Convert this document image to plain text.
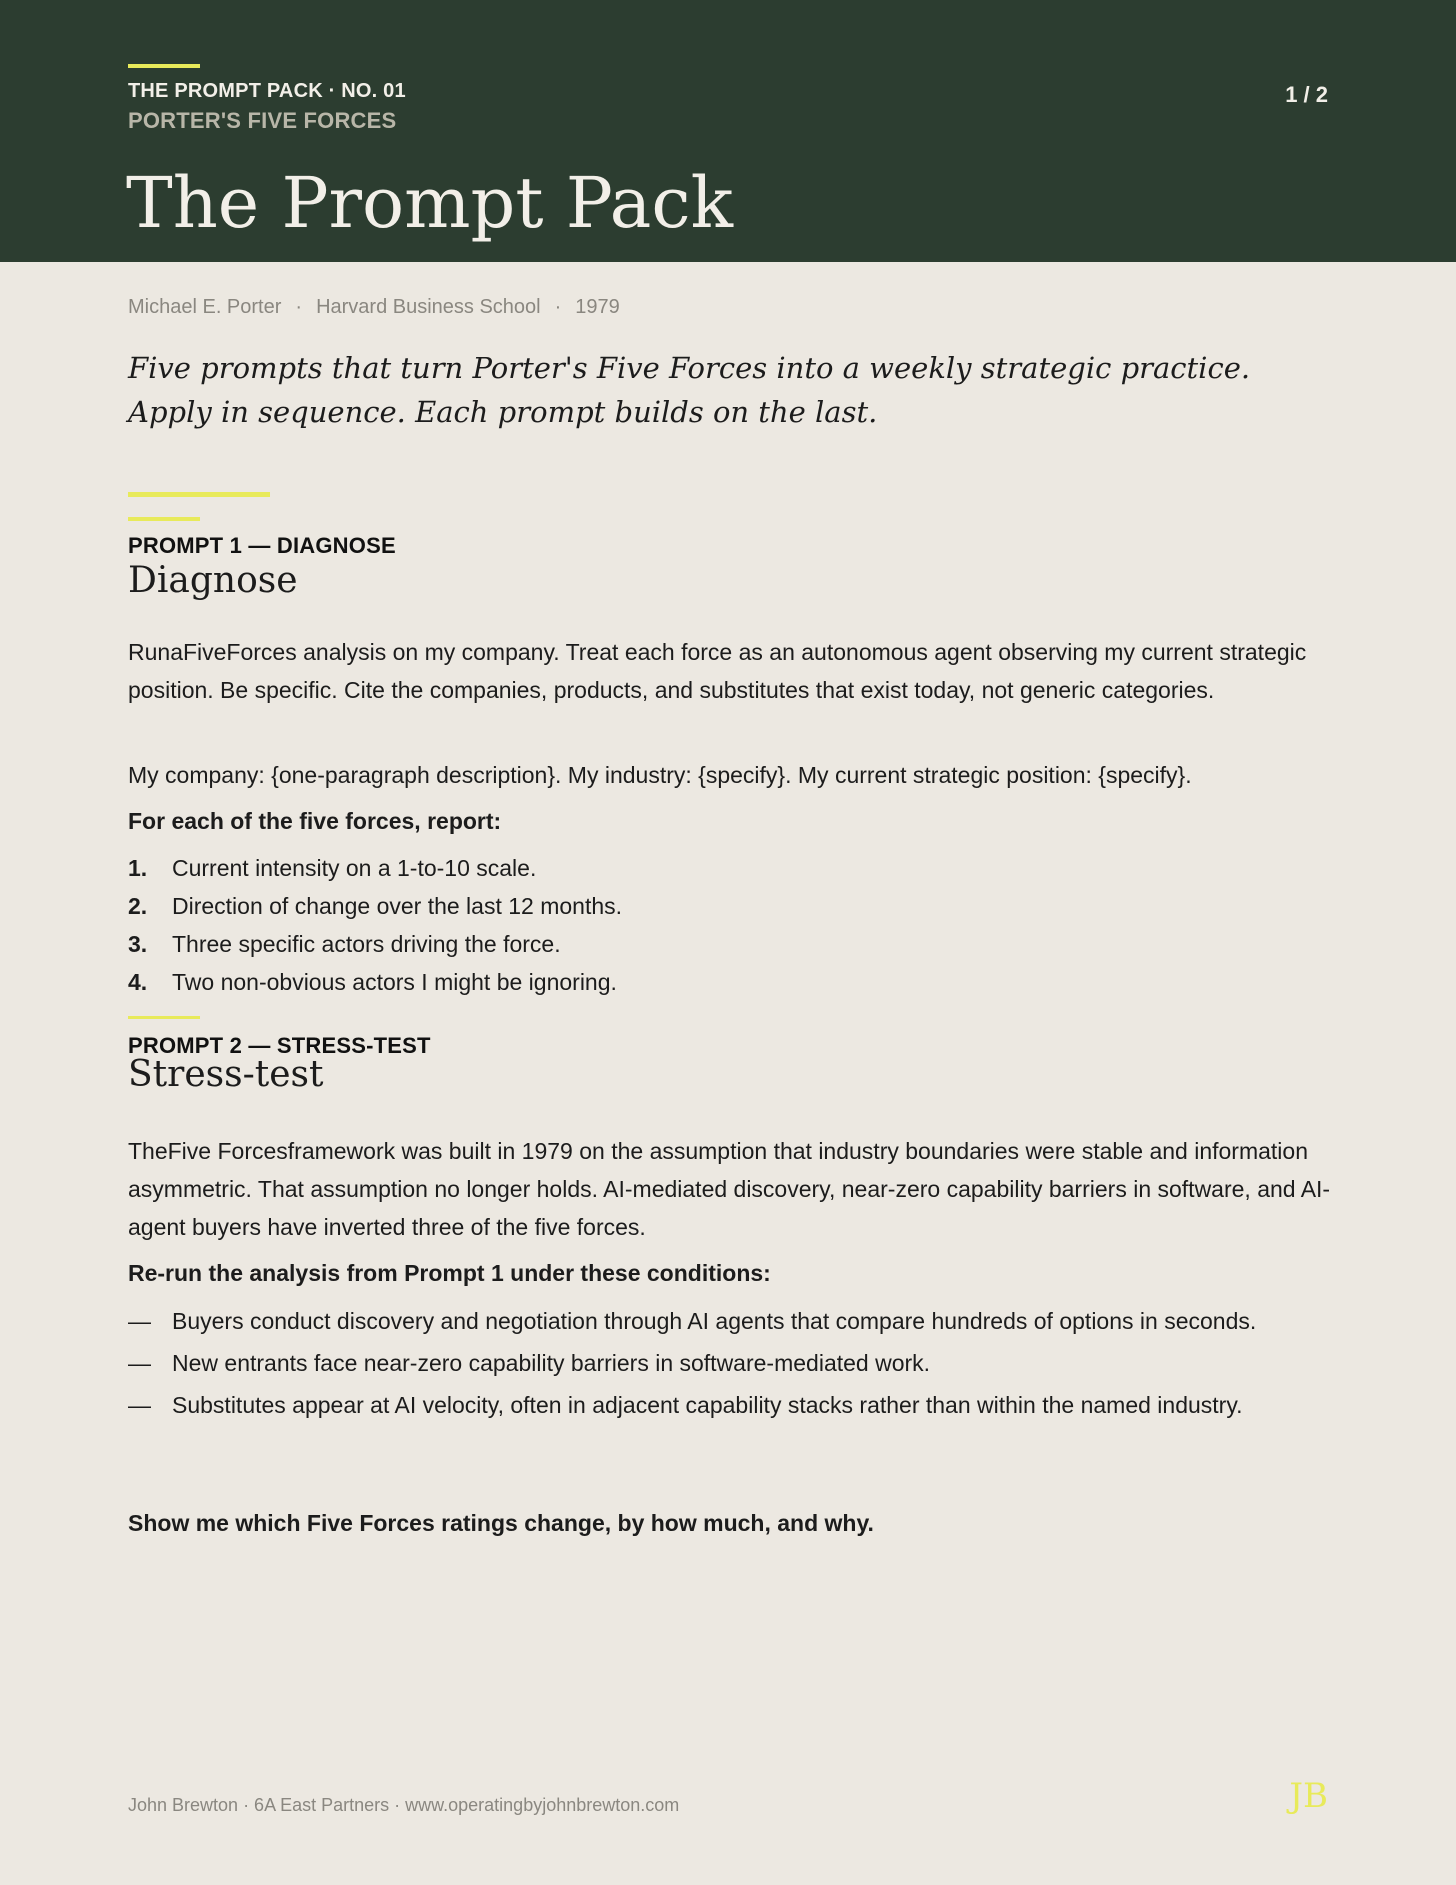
THE PROMPT PACK · NO. 01
PORTER'S FIVE FORCES
1 / 2
The Prompt Pack
Michael E. Porter · Harvard Business School · 1979
Five prompts that turn Porter's Five Forces into a weekly strategic practice. Apply in sequence. Each prompt builds on the last.
PROMPT 1 — DIAGNOSE
Diagnose
RunaFiveForces analysis on my company. Treat each force as an autonomous agent observing my current strategic position. Be specific. Cite the companies, products, and substitutes that exist today, not generic categories.
My company: {one-paragraph description}. My industry: {specify}. My current strategic position: {specify}.
For each of the five forces, report:
1. Current intensity on a 1-to-10 scale.
2. Direction of change over the last 12 months.
3. Three specific actors driving the force.
4. Two non-obvious actors I might be ignoring.
PROMPT 2 — STRESS-TEST
Stress-test
TheFive Forcesframework was built in 1979 on the assumption that industry boundaries were stable and information asymmetric. That assumption no longer holds. AI-mediated discovery, near-zero capability barriers in software, and AI-agent buyers have inverted three of the five forces.
Re-run the analysis from Prompt 1 under these conditions:
— Buyers conduct discovery and negotiation through AI agents that compare hundreds of options in seconds.
— New entrants face near-zero capability barriers in software-mediated work.
— Substitutes appear at AI velocity, often in adjacent capability stacks rather than within the named industry.
Show me which Five Forces ratings change, by how much, and why.
John Brewton · 6A East Partners · www.operatingbyjohnbrewton.com	JB
